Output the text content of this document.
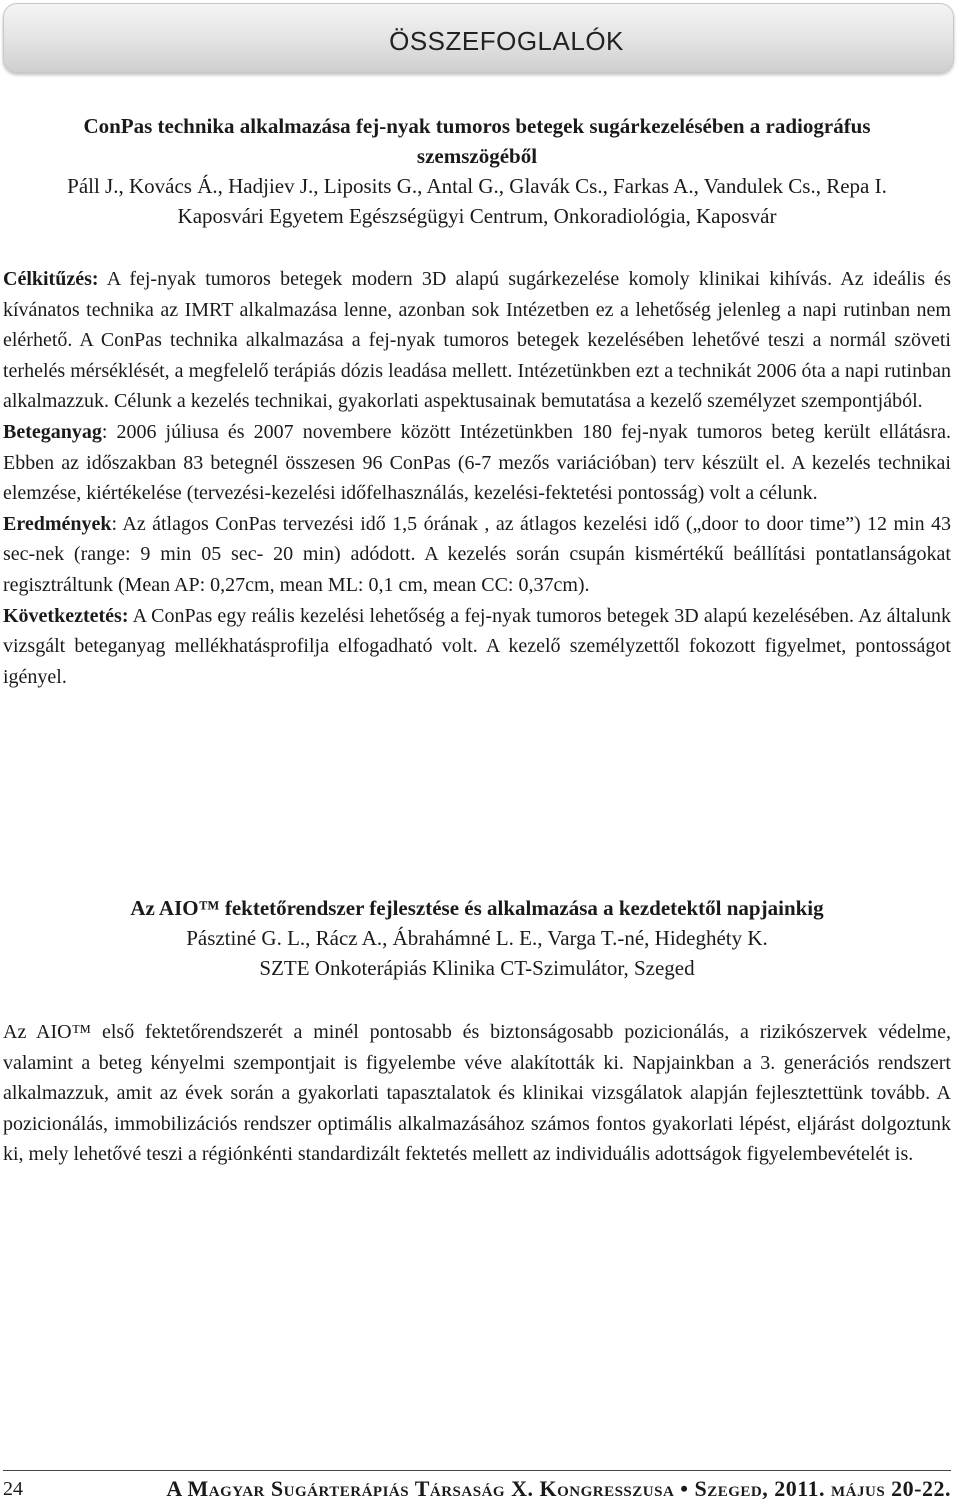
ÖSSZEFOGLALÓK
ConPas technika alkalmazása fej-nyak tumoros betegek sugárkezelésében a radiográfus
szemszögéből
Páll J., Kovács Á., Hadjiev J., Liposits G., Antal G., Glavák Cs., Farkas A., Vandulek Cs., Repa I.
Kaposvári Egyetem Egészségügyi Centrum, Onkoradiológia, Kaposvár

Célkitűzés: A fej-nyak tumoros betegek modern 3D alapú sugárkezelése komoly klinikai kihívás. Az ideális és kívánatos technika az IMRT alkalmazása lenne, azonban sok Intézetben ez a lehetőség jelenleg a napi rutinban nem elérhető. A ConPas technika alkalmazása a fej-nyak tumoros betegek kezelésében lehetővé teszi a normál szöveti terhelés mérséklését, a megfelelő terápiás dózis leadása mellett. Intézetünkben ezt a technikát 2006 óta a napi rutinban alkalmazzuk. Célunk a kezelés technikai, gyakorlati aspektusainak bemutatása a kezelő személyzet szempontjából.

Beteganyag: 2006 júliusa és 2007 novembere között Intézetünkben 180 fej-nyak tumoros beteg került ellátásra. Ebben az időszakban 83 betegnél összesen 96 ConPas (6-7 mezős variációban) terv készült el. A kezelés technikai elemzése, kiértékelése (tervezési-kezelési időfelhasználás, kezelési-fektetési pontosság) volt a célunk.

Eredmények: Az átlagos ConPas tervezési idő 1,5 órának , az átlagos kezelési idő („door to door time”) 12 min 43 sec-nek (range: 9 min 05 sec- 20 min) adódott. A kezelés során csupán kismértékű beállítási pontatlanságokat regisztráltunk (Mean AP: 0,27cm, mean ML: 0,1 cm, mean CC: 0,37cm).

Következtetés: A ConPas egy reális kezelési lehetőség a fej-nyak tumoros betegek 3D alapú kezelésében. Az általunk vizsgált beteganyag mellékhatásprofilja elfogadható volt. A kezelő személyzettől fokozott figyelmet, pontosságot igényel.

Az AIO™ fektetőrendszer fejlesztése és alkalmazása a kezdetektől napjainkig
Pásztiné G. L., Rácz A., Ábrahámné L. E., Varga T.-né, Hideghéty K.
SZTE Onkoterápiás Klinika CT-Szimulátor, Szeged

Az AIO™ első fektetőrendszerét a minél pontosabb és biztonságosabb pozicionálás, a rizikószervek védelme, valamint a beteg kényelmi szempontjait is figyelembe véve alakították ki. Napjainkban a 3. generációs rendszert alkalmazzuk, amit az évek során a gyakorlati tapasztalatok és klinikai vizsgálatok alapján fejlesztettünk tovább. A pozicionálás, immobilizációs rendszer optimális alkalmazásához számos fontos gyakorlati lépést, eljárást dolgoztunk ki, mely lehetővé teszi a régiónkénti standardizált fektetés mellett az individuális adottságok figyelembevételét is.

24	A Magyar Sugárterápiás Társaság X. Kongresszusa • Szeged, 2011. május 20-22.
